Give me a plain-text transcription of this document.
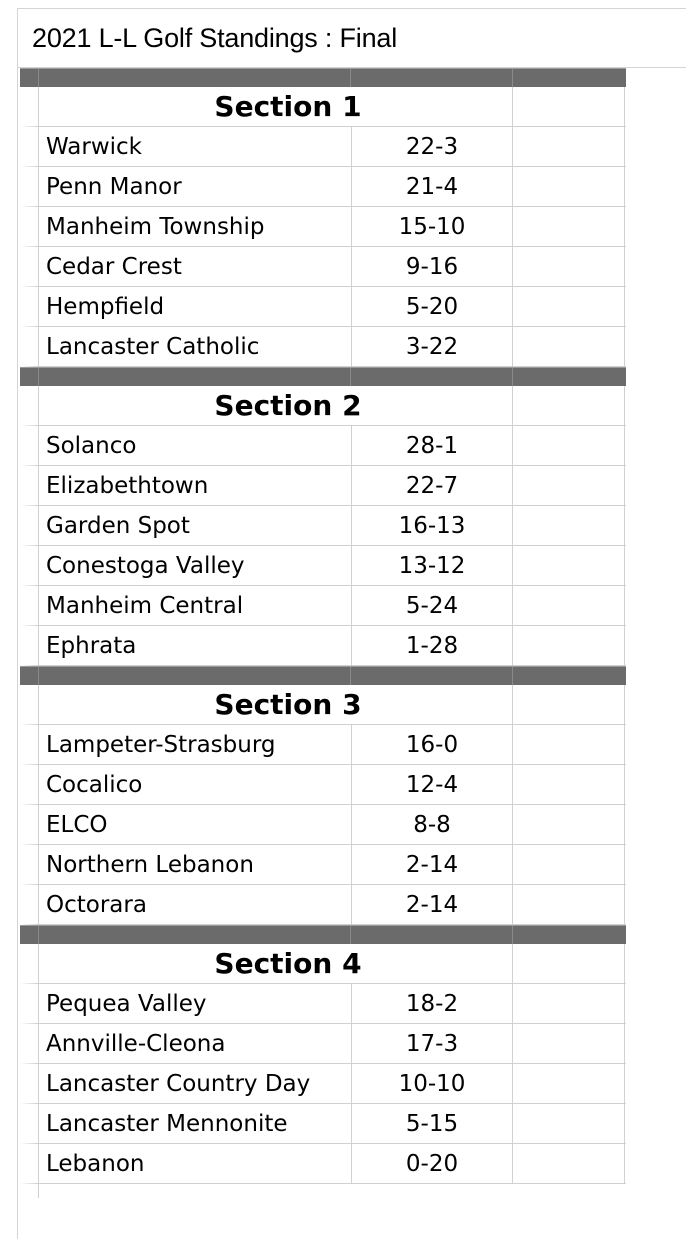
2021 L-L Golf Standings : Final
Section 1
Warwick	22-3
Penn Manor	21-4
Manheim Township	15-10
Cedar Crest	9-16
Hempfield	5-20
Lancaster Catholic	3-22
Section 2
Solanco	28-1
Elizabethtown	22-7
Garden Spot	16-13
Conestoga Valley	13-12
Manheim Central	5-24
Ephrata	1-28
Section 3
Lampeter-Strasburg	16-0
Cocalico	12-4
ELCO	8-8
Northern Lebanon	2-14
Octorara	2-14
Section 4
Pequea Valley	18-2
Annville-Cleona	17-3
Lancaster Country Day	10-10
Lancaster Mennonite	5-15
Lebanon	0-20
